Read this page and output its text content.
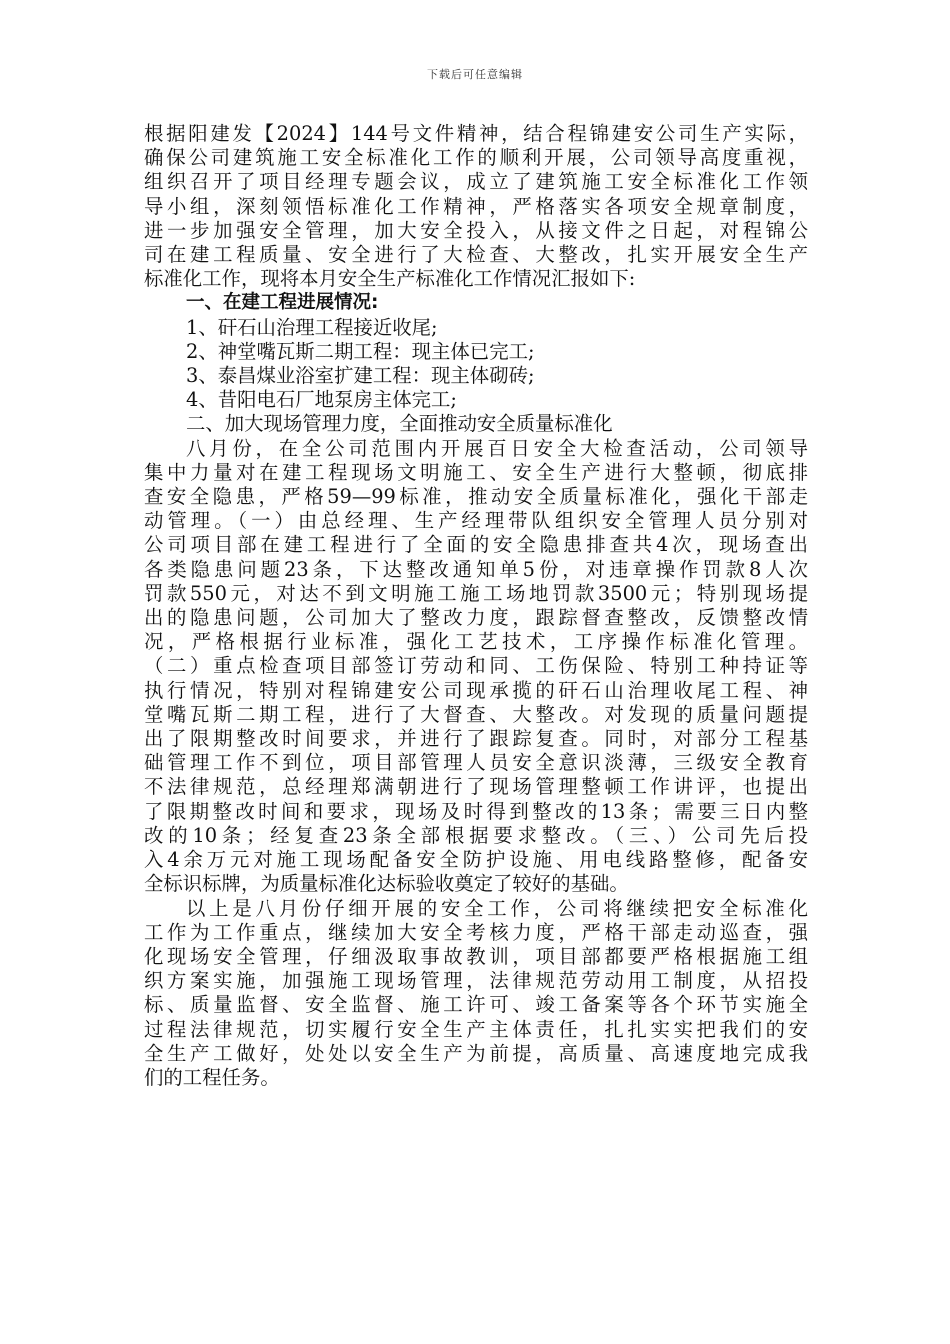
下载后可任意编辑
根据阳建发【2024】144号文件精神，结合程锦建安公司生产实际，
确保公司建筑施工安全标准化工作的顺利开展，公司领导高度重视，
组织召开了项目经理专题会议，成立了建筑施工安全标准化工作领
导小组，深刻领悟标准化工作精神，严格落实各项安全规章制度，
进一步加强安全管理，加大安全投入，从接文件之日起，对程锦公
司在建工程质量、安全进行了大检查、大整改，扎实开展安全生产
标准化工作，现将本月安全生产标准化工作情况汇报如下:
一、在建工程进展情况:
1、矸石山治理工程接近收尾;
2、神堂嘴瓦斯二期工程：现主体已完工;
3、泰昌煤业浴室扩建工程：现主体砌砖;
4、昔阳电石厂地泵房主体完工;
二、加大现场管理力度，全面推动安全质量标准化
八月份，在全公司范围内开展百日安全大检查活动，公司领导
集中力量对在建工程现场文明施工、安全生产进行大整顿，彻底排
查安全隐患，严格59—99标准，推动安全质量标准化，强化干部走
动管理。（一）由总经理、生产经理带队组织安全管理人员分别对
公司项目部在建工程进行了全面的安全隐患排查共4次，现场查出
各类隐患问题23条，下达整改通知单5份，对违章操作罚款8人次
罚款550元，对达不到文明施工施工场地罚款3500元；特别现场提
出的隐患问题，公司加大了整改力度，跟踪督查整改，反馈整改情
况，严格根据行业标准，强化工艺技术，工序操作标准化管理。
（二）重点检查项目部签订劳动和同、工伤保险、特别工种持证等
执行情况，特别对程锦建安公司现承揽的矸石山治理收尾工程、神
堂嘴瓦斯二期工程，进行了大督查、大整改。对发现的质量问题提
出了限期整改时间要求，并进行了跟踪复查。同时，对部分工程基
础管理工作不到位，项目部管理人员安全意识淡薄，三级安全教育
不法律规范，总经理郑满朝进行了现场管理整顿工作讲评，也提出
了限期整改时间和要求，现场及时得到整改的13条；需要三日内整
改的10条；经复查23条全部根据要求整改。（三、）公司先后投
入4余万元对施工现场配备安全防护设施、用电线路整修，配备安
全标识标牌，为质量标准化达标验收奠定了较好的基础。
以上是八月份仔细开展的安全工作，公司将继续把安全标准化
工作为工作重点，继续加大安全考核力度，严格干部走动巡查，强
化现场安全管理，仔细汲取事故教训，项目部都要严格根据施工组
织方案实施，加强施工现场管理，法律规范劳动用工制度，从招投
标、质量监督、安全监督、施工许可、竣工备案等各个环节实施全
过程法律规范，切实履行安全生产主体责任，扎扎实实把我们的安
全生产工做好，处处以安全生产为前提，高质量、高速度地完成我
们的工程任务。
